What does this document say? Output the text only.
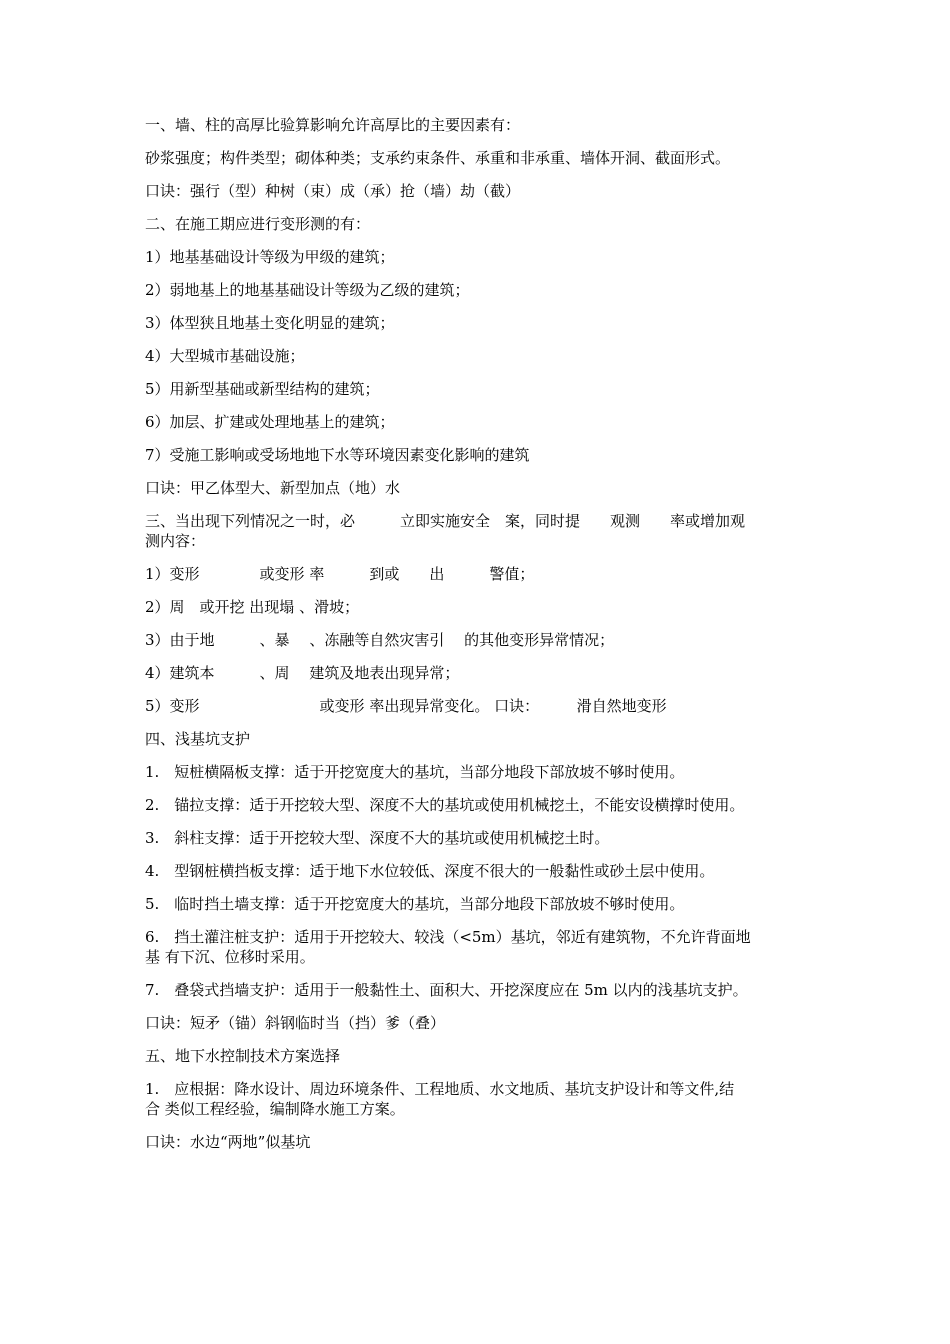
一、墙、柱的高厚比验算影响允许高厚比的主要因素有：
砂浆强度；构件类型；砌体种类；支承约束条件、承重和非承重、墙体开洞、截面形式。
口诀：强行（型）种树（束）成（承）抢（墙）劫（截）
二、在施工期应进行变形测的有：
1）地基基础设计等级为甲级的建筑；
2）弱地基上的地基基础设计等级为乙级的建筑；
3）体型狭且地基土变化明显的建筑；
4）大型城市基础设施；
5）用新型基础或新型结构的建筑；
6）加层、扩建或处理地基上的建筑；
7）受施工影响或受场地地下水等环境因素变化影响的建筑
口诀：甲乙体型大、新型加点（地）水
三、当出现下列情况之一时，必　　　立即实施安全　案，同时提　　观测　　率或增加观
测内容：
1）变形　　　　或变形 率　　　到或　　出　　　警值；
2）周　或开挖 出现塌 、滑坡；
3）由于地　　　、暴　 、冻融等自然灾害引　 的其他变形异常情况；
4）建筑本　　　、周　 建筑及地表出现异常；
5）变形　　　　　　　　或变形 率出现异常变化。 口诀：　　　滑自然地变形
四、浅基坑支护
1.　短桩横隔板支撑：适于开挖宽度大的基坑，当部分地段下部放坡不够时使用。
2.　锚拉支撑：适于开挖较大型、深度不大的基坑或使用机械挖土，不能安设横撑时使用。
3.　斜柱支撑：适于开挖较大型、深度不大的基坑或使用机械挖土时。
4.　型钢桩横挡板支撑：适于地下水位较低、深度不很大的一般黏性或砂土层中使用。
5.　临时挡土墙支撑：适于开挖宽度大的基坑，当部分地段下部放坡不够时使用。
6.　挡土灌注桩支护：适用于开挖较大、较浅（<5m）基坑，邻近有建筑物，不允许背面地
基 有下沉、位移时采用。
7.　叠袋式挡墙支护：适用于一般黏性土、面积大、开挖深度应在 5m 以内的浅基坑支护。
口诀：短矛（锚）斜钢临时当（挡）爹（叠）
五、地下水控制技术方案选择
1.　应根据：降水设计、周边环境条件、工程地质、水文地质、基坑支护设计和等文件,结
合 类似工程经验，编制降水施工方案。
口诀：水边“两地”似基坑
